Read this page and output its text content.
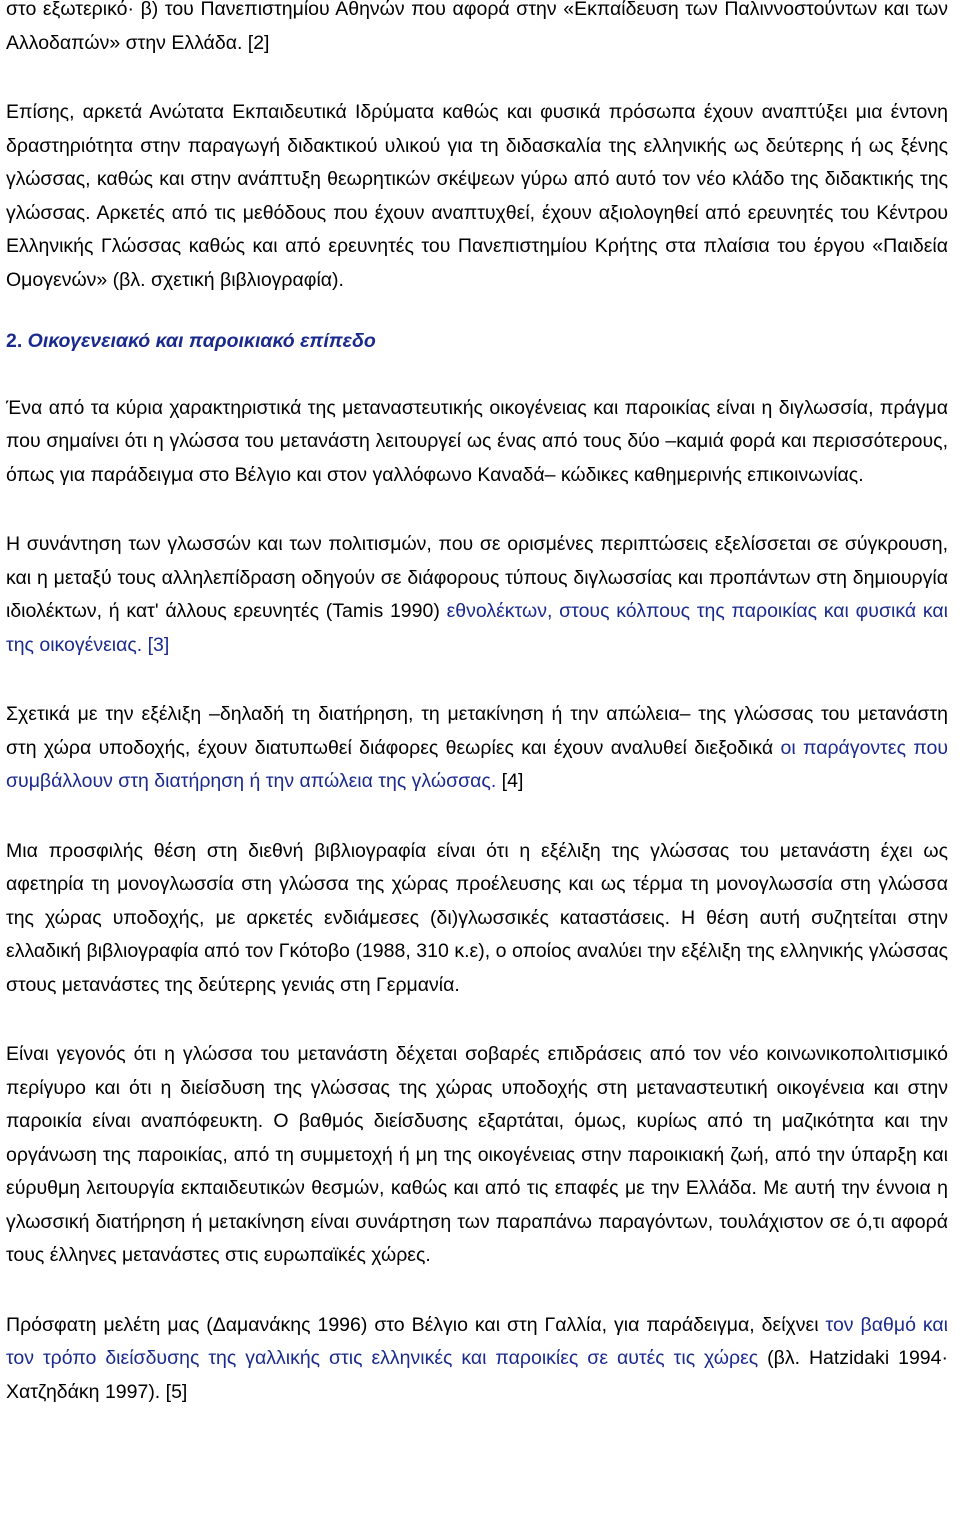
στο εξωτερικό· β) του Πανεπιστημίου Αθηνών που αφορά στην «Εκπαίδευση των Παλιννοστούντων και των Αλλοδαπών» στην Ελλάδα. [2]

Επίσης, αρκετά Ανώτατα Εκπαιδευτικά Ιδρύματα καθώς και φυσικά πρόσωπα έχουν αναπτύξει μια έντονη δραστηριότητα στην παραγωγή διδακτικού υλικού για τη διδασκαλία της ελληνικής ως δεύτερης ή ως ξένης γλώσσας, καθώς και στην ανάπτυξη θεωρητικών σκέψεων γύρω από αυτό τον νέο κλάδο της διδακτικής της γλώσσας. Αρκετές από τις μεθόδους που έχουν αναπτυχθεί, έχουν αξιολογηθεί από ερευνητές του Κέντρου Ελληνικής Γλώσσας καθώς και από ερευνητές του Πανεπιστημίου Κρήτης στα πλαίσια του έργου «Παιδεία Ομογενών» (βλ. σχετική βιβλιογραφία).

2. Οικογενειακό και παροικιακό επίπεδο

Ένα από τα κύρια χαρακτηριστικά της μεταναστευτικής οικογένειας και παροικίας είναι η διγλωσσία, πράγμα που σημαίνει ότι η γλώσσα του μετανάστη λειτουργεί ως ένας από τους δύο –καμιά φορά και περισσότερους, όπως για παράδειγμα στο Βέλγιο και στον γαλλόφωνο Καναδά– κώδικες καθημερινής επικοινωνίας.

Η συνάντηση των γλωσσών και των πολιτισμών, που σε ορισμένες περιπτώσεις εξελίσσεται σε σύγκρουση, και η μεταξύ τους αλληλεπίδραση οδηγούν σε διάφορους τύπους διγλωσσίας και προπάντων στη δημιουργία ιδιολέκτων, ή κατ' άλλους ερευνητές (Tamis 1990) εθνολέκτων, στους κόλπους της παροικίας και φυσικά και της οικογένειας. [3]

Σχετικά με την εξέλιξη –δηλαδή τη διατήρηση, τη μετακίνηση ή την απώλεια– της γλώσσας του μετανάστη στη χώρα υποδοχής, έχουν διατυπωθεί διάφορες θεωρίες και έχουν αναλυθεί διεξοδικά οι παράγοντες που συμβάλλουν στη διατήρηση ή την απώλεια της γλώσσας. [4]

Μια προσφιλής θέση στη διεθνή βιβλιογραφία είναι ότι η εξέλιξη της γλώσσας του μετανάστη έχει ως αφετηρία τη μονογλωσσία στη γλώσσα της χώρας προέλευσης και ως τέρμα τη μονογλωσσία στη γλώσσα της χώρας υποδοχής, με αρκετές ενδιάμεσες (δι)γλωσσικές καταστάσεις. Η θέση αυτή συζητείται στην ελλαδική βιβλιογραφία από τον Γκότοβο (1988, 310 κ.ε), ο οποίος αναλύει την εξέλιξη της ελληνικής γλώσσας στους μετανάστες της δεύτερης γενιάς στη Γερμανία.

Είναι γεγονός ότι η γλώσσα του μετανάστη δέχεται σοβαρές επιδράσεις από τον νέο κοινωνικοπολιτισμικό περίγυρο και ότι η διείσδυση της γλώσσας της χώρας υποδοχής στη μεταναστευτική οικογένεια και στην παροικία είναι αναπόφευκτη. Ο βαθμός διείσδυσης εξαρτάται, όμως, κυρίως από τη μαζικότητα και την οργάνωση της παροικίας, από τη συμμετοχή ή μη της οικογένειας στην παροικιακή ζωή, από την ύπαρξη και εύρυθμη λειτουργία εκπαιδευτικών θεσμών, καθώς και από τις επαφές με την Ελλάδα. Με αυτή την έννοια η γλωσσική διατήρηση ή μετακίνηση είναι συνάρτηση των παραπάνω παραγόντων, τουλάχιστον σε ό,τι αφορά τους έλληνες μετανάστες στις ευρωπαϊκές χώρες.

Πρόσφατη μελέτη μας (Δαμανάκης 1996) στο Βέλγιο και στη Γαλλία, για παράδειγμα, δείχνει τον βαθμό και τον τρόπο διείσδυσης της γαλλικής στις ελληνικές και παροικίες σε αυτές τις χώρες (βλ. Hatzidaki 1994· Χατζηδάκη 1997). [5]
